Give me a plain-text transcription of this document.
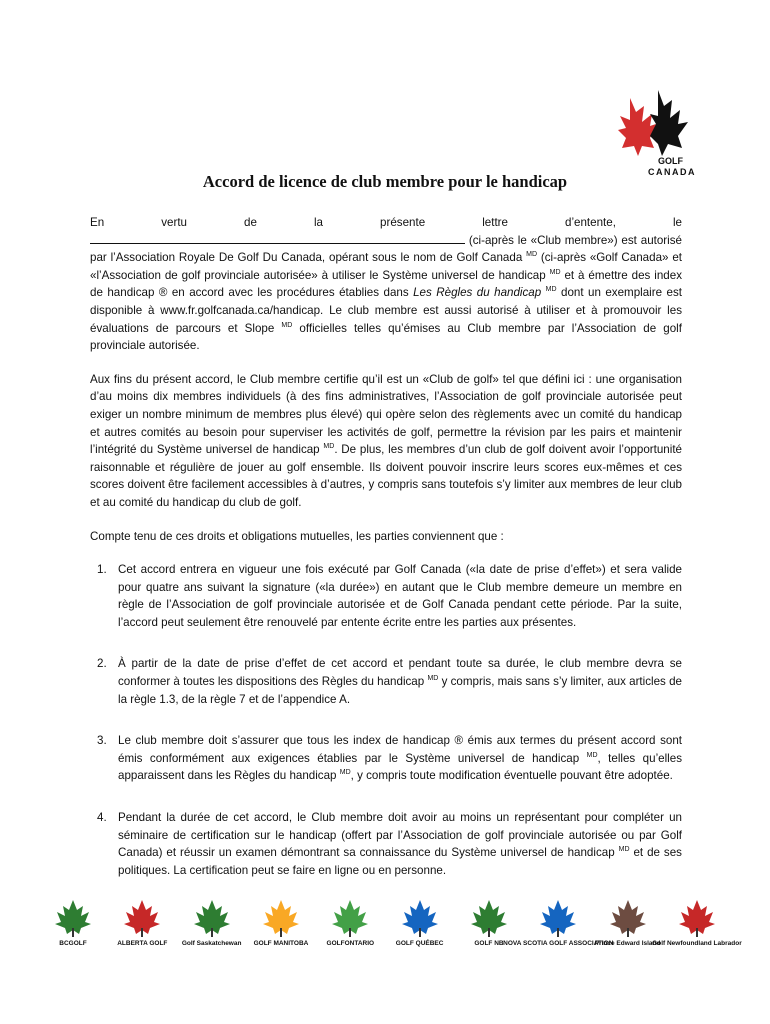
GOLF
CANADA
Accord de licence de club membre pour le handicap

En vertu de la présente lettre d’entente, le  (ci-après le «Club membre») est autorisé par l’Association Royale De Golf Du Canada, opérant sous le nom de Golf Canada $^{MD}$ (ci-après «Golf Canada» et «l’Association de golf provinciale autorisée» à utiliser le Système universel de handicap $^{MD}$ et à émettre des index de handicap ® en accord avec les procédures établies dans Les Règles du handicap $^{MD}$ dont un exemplaire est disponible à www.fr.golfcanada.ca/handicap. Le club membre est aussi autorisé à utiliser et à promouvoir les évaluations de parcours et Slope $^{MD}$ officielles telles qu’émises au Club membre par l’Association de golf provinciale autorisée.

Aux fins du présent accord, le Club membre certifie qu’il est un «Club de golf» tel que défini ici : une organisation d’au moins dix membres individuels (à des fins administratives, l’Association de golf provinciale autorisée peut exiger un nombre minimum de membres plus élevé) qui opère selon des règlements avec un comité du handicap et autres comités au besoin pour superviser les activités de golf, permettre la révision par les pairs et maintenir l’intégrité du Système universel de handicap $^{MD}$. De plus, les membres d’un club de golf doivent avoir l’opportunité raisonnable et régulière de jouer au golf ensemble. Ils doivent pouvoir inscrire leurs scores eux-mêmes et ces scores doivent être facilement accessibles à d’autres, y compris sans toutefois s’y limiter aux membres de leur club et au comité du handicap du club de golf.

Compte tenu de ces droits et obligations mutuelles, les parties conviennent que :

1. Cet accord entrera en vigueur une fois exécuté par Golf Canada («la date de prise d’effet») et sera valide pour quatre ans suivant la signature («la durée») en autant que le Club membre demeure un membre en règle de l’Association de golf provinciale autorisée et de Golf Canada pendant cette période. Par la suite, l’accord peut seulement être renouvelé par entente écrite entre les parties aux présentes.
2. À partir de la date de prise d’effet de cet accord et pendant toute sa durée, le club membre devra se conformer à toutes les dispositions des Règles du handicap $^{MD}$ y compris, mais sans s’y limiter, aux articles de la règle 1.3, de la règle 7 et de l’appendice A.
3. Le club membre doit s’assurer que tous les index de handicap ® émis aux termes du présent accord sont émis conformément aux exigences établies par le Système universel de handicap $^{MD}$, telles qu’elles apparaissent dans les Règles du handicap $^{MD}$, y compris toute modification éventuelle pouvant être adoptée.
4. Pendant la durée de cet accord, le Club membre doit avoir au moins un représentant pour compléter un séminaire de certification sur le handicap (offert par l’Association de golf provinciale autorisée ou par Golf Canada) et réussir un examen démontrant sa connaissance du Système universel de handicap $^{MD}$ et de ses politiques. La certification peut se faire en ligne ou en personne.
BCGOLF	ALBERTA GOLF Golf Saskatchewan GOLF MANITOBA	GOLFONTARIO	GOLF QUÉBEC	GOLF NB NOVA SCOTIA GOLF ASSOCIATION
Prince Edward Island
Golf Newfoundland Labrador
